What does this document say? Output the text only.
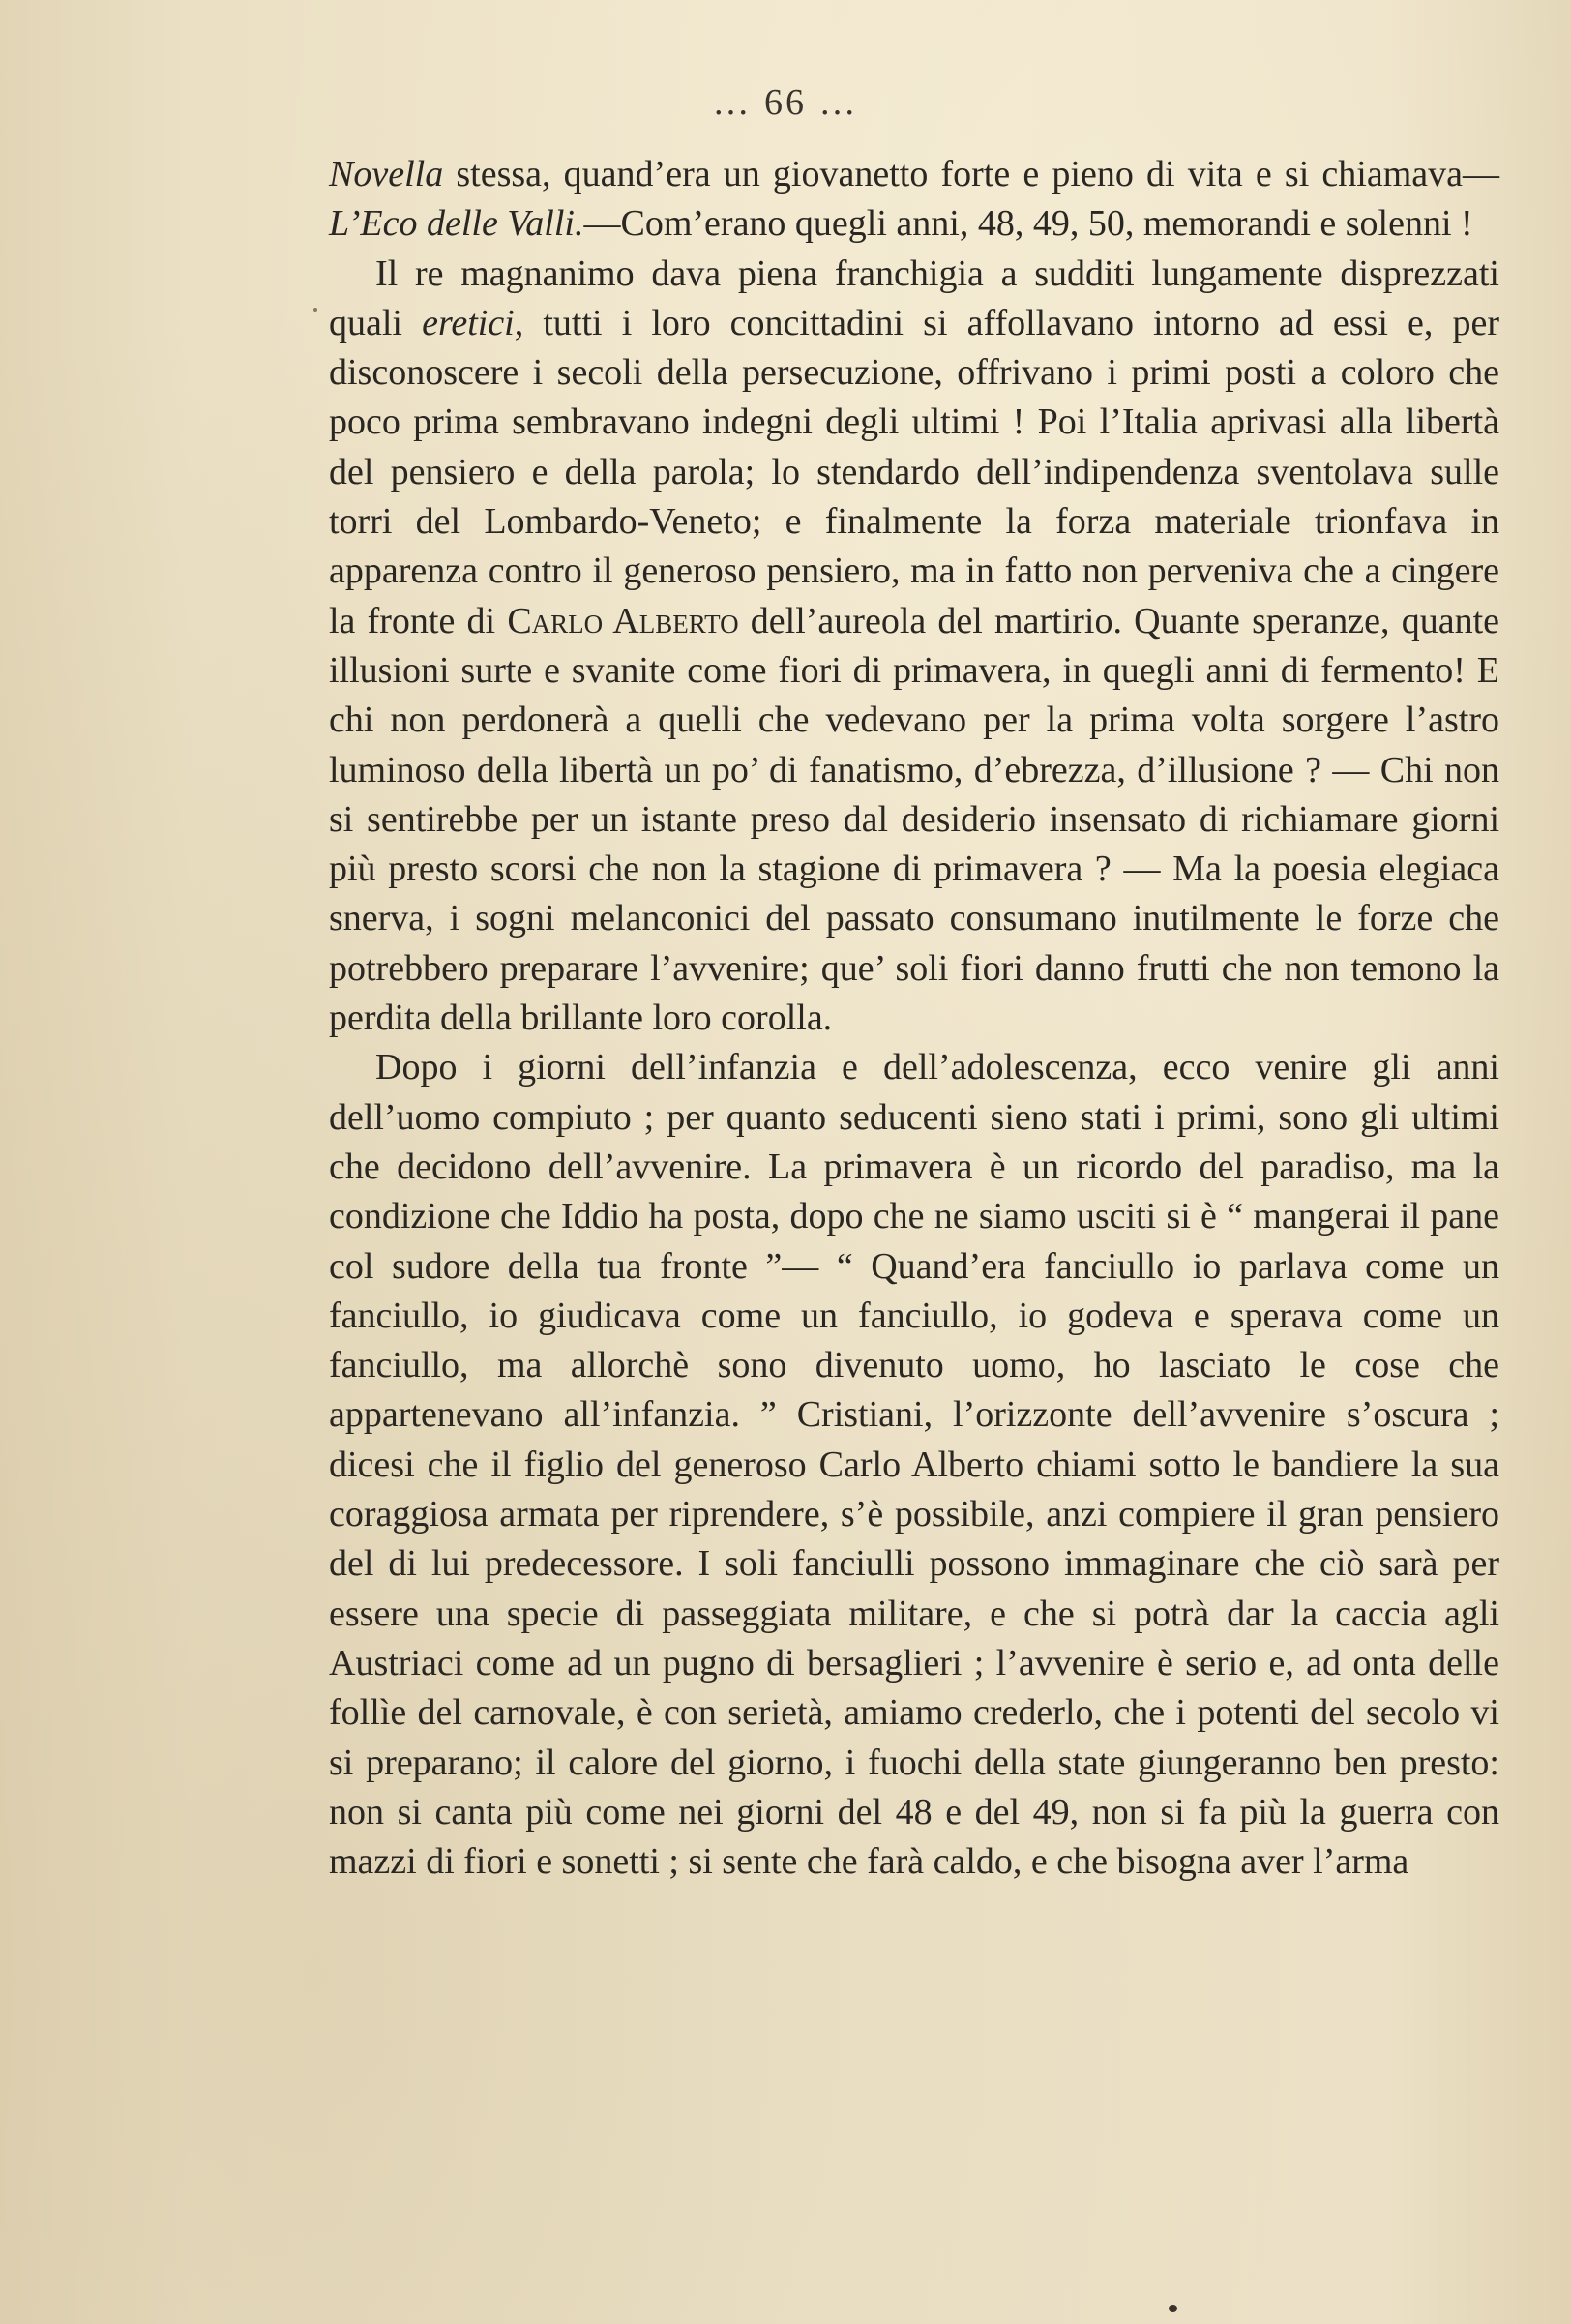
… 66 …

Novella stessa, quand’era un giovanetto forte e pieno di vita e si chiamava—L’Eco delle Valli.—Com’erano quegli anni, 48, 49, 50, memorandi e solenni !

Il re magnanimo dava piena franchigia a sudditi lungamente disprezzati quali eretici, tutti i loro concittadini si affollavano intorno ad essi e, per disconoscere i secoli della persecuzione, offrivano i primi posti a coloro che poco prima sembravano indegni degli ultimi ! Poi l’Italia aprivasi alla libertà del pensiero e della parola; lo stendardo dell’indipendenza sventolava sulle torri del Lombardo-Veneto; e finalmente la forza materiale trionfava in apparenza contro il generoso pensiero, ma in fatto non perveniva che a cingere la fronte di Carlo Alberto dell’aureola del martirio. Quante speranze, quante illusioni surte e svanite come fiori di primavera, in quegli anni di fermento! E chi non perdonerà a quelli che vedevano per la prima volta sorgere l’astro luminoso della libertà un po’ di fanatismo, d’ebrezza, d’illusione ? — Chi non si sentirebbe per un istante preso dal desiderio insensato di richiamare giorni più presto scorsi che non la stagione di primavera ? — Ma la poesia elegiaca snerva, i sogni melanconici del passato consumano inutilmente le forze che potrebbero preparare l’avvenire; que’ soli fiori danno frutti che non temono la perdita della brillante loro corolla.

Dopo i giorni dell’infanzia e dell’adolescenza, ecco venire gli anni dell’uomo compiuto ; per quanto seducenti sieno stati i primi, sono gli ultimi che decidono dell’avvenire. La primavera è un ricordo del paradiso, ma la condizione che Iddio ha posta, dopo che ne siamo usciti si è “ mangerai il pane col sudore della tua fronte ”— “ Quand’era fanciullo io parlava come un fanciullo, io giudicava come un fanciullo, io godeva e sperava come un fanciullo, ma allorchè sono divenuto uomo, ho lasciato le cose che appartenevano all’infanzia. ” Cristiani, l’orizzonte dell’avvenire s’oscura ; dicesi che il figlio del generoso Carlo Alberto chiami sotto le bandiere la sua coraggiosa armata per riprendere, s’è possibile, anzi compiere il gran pensiero del di lui predecessore. I soli fanciulli possono immaginare che ciò sarà per essere una specie di passeggiata militare, e che si potrà dar la caccia agli Austriaci come ad un pugno di bersaglieri ; l’avvenire è serio e, ad onta delle follìe del carnovale, è con serietà, amiamo crederlo, che i potenti del secolo vi si preparano; il calore del giorno, i fuochi della state giungeranno ben presto: non si canta più come nei giorni del 48 e del 49, non si fa più la guerra con mazzi di fiori e sonetti ; si sente che farà caldo, e che bisogna aver l’arma
